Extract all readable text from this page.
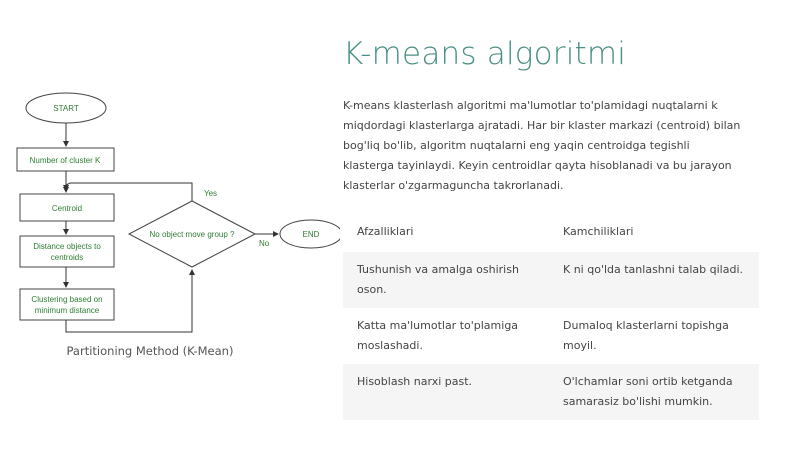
START
Number of cluster K
Centroid
Distance objects to
centroids
Clustering based on
minimum distance
No object move group ?
Yes
No
END
Partitioning Method (K-Mean)
K-means algoritmi
K-means klasterlash algoritmi ma'lumotlar to'plamidagi nuqtalarni k miqdordagi klasterlarga ajratadi. Har bir klaster markazi (centroid) bilan bog'liq bo'lib, algoritm nuqtalarni eng yaqin centroidga tegishli klasterga tayinlaydi. Keyin centroidlar qayta hisoblanadi va bu jarayon klasterlar o'zgarmaguncha takrorlanadi.
Afzalliklari	Kamchiliklari
Tushunish va amalga oshirish oson.	K ni qo'lda tanlashni talab qiladi.
Katta ma'lumotlar to'plamiga moslashadi.	Dumaloq klasterlarni topishga moyil.
Hisoblash narxi past.	O'lchamlar soni ortib ketganda samarasiz bo'lishi mumkin.
